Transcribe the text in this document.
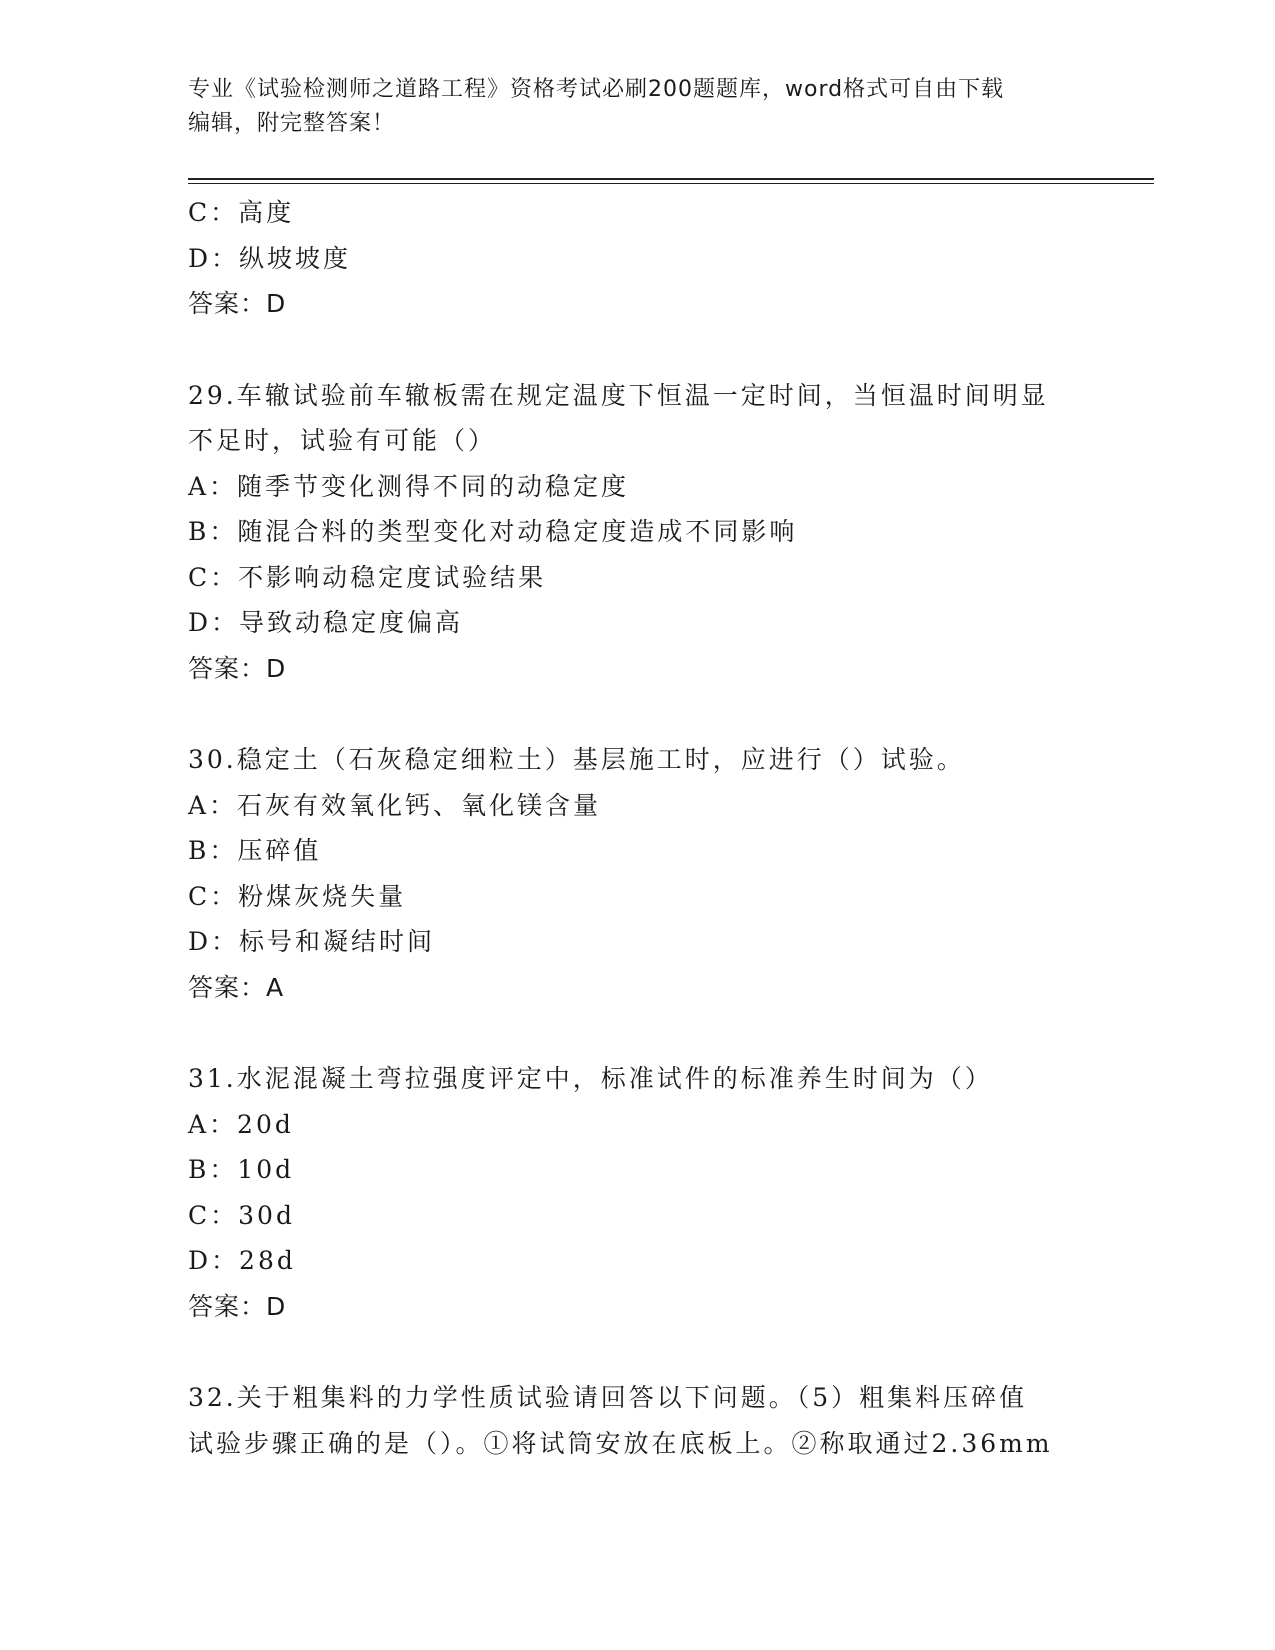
专业《试验检测师之道路工程》资格考试必刷200题题库，word格式可自由下载
编辑，附完整答案！
C：高度
D：纵坡坡度
答案：D
29.车辙试验前车辙板需在规定温度下恒温一定时间，当恒温时间明显
不足时，试验有可能（）
A：随季节变化测得不同的动稳定度
B：随混合料的类型变化对动稳定度造成不同影响
C：不影响动稳定度试验结果
D：导致动稳定度偏高
答案：D
30.稳定土（石灰稳定细粒土）基层施工时，应进行（）试验。
A：石灰有效氧化钙、氧化镁含量
B：压碎值
C：粉煤灰烧失量
D：标号和凝结时间
答案：A
31.水泥混凝土弯拉强度评定中，标准试件的标准养生时间为（）
A：20d
B：10d
C：30d
D：28d
答案：D
32.关于粗集料的力学性质试验请回答以下问题。（5）粗集料压碎值
试验步骤正确的是（）。①将试筒安放在底板上。②称取通过2.36mm
